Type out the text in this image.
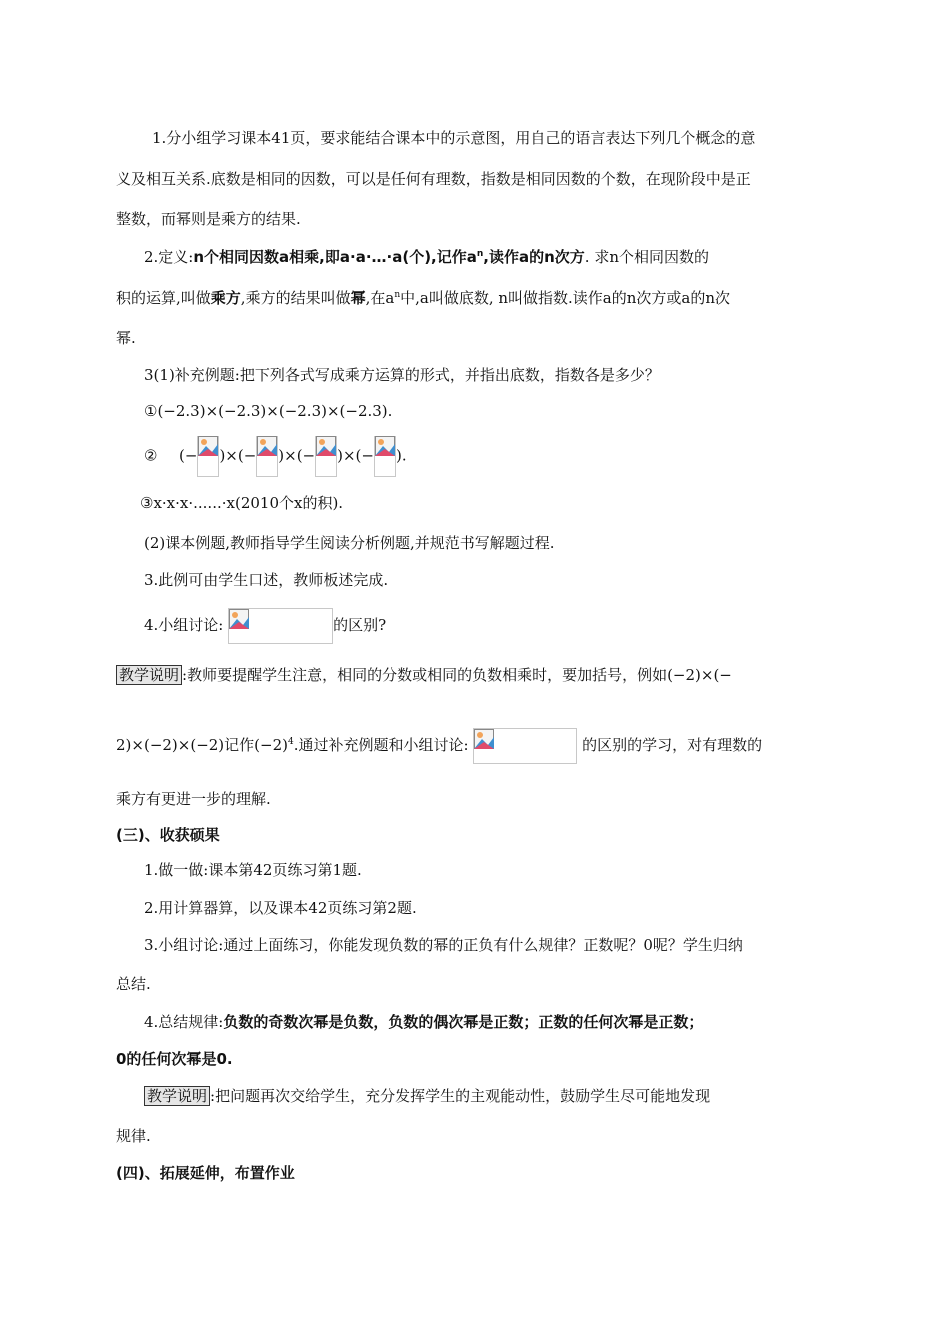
1.分小组学习课本41页，要求能结合课本中的示意图，用自己的语言表达下列几个概念的意
义及相互关系.底数是相同的因数，可以是任何有理数，指数是相同因数的个数，在现阶段中是正
整数，而幂则是乘方的结果.
2.定义:n个相同因数a相乘,即a·a·…·a(个),记作$a^n$,读作a的n次方. 求n个相同因数的
积的运算,叫做乘方,乘方的结果叫做幂,在$a^n$中,a叫做底数, n叫做指数.读作a的n次方或a的n次
幂.
3(1)补充例题:把下列各式写成乘方运算的形式，并指出底数，指数各是多少？
①(−2.3)×(−2.3)×(−2.3)×(−2.3).
② (− )×(− )×(− )×(− ).
③x·x·x·......·x(2010个x的积).
(2)课本例题,教师指导学生阅读分析例题,并规范书写解题过程.
3.此例可由学生口述，教师板述完成.
4.小组讨论:	的区别?
教学说明 :教师要提醒学生注意，相同的分数或相同的负数相乘时，要加括号，例如(−2)×(−
2)×(−2)×(−2)记作$(-2)^4$.通过补充例题和小组讨论:	的区别的学习，对有理数的
乘方有更进一步的理解.
(三)、收获硕果
1.做一做:课本第42页练习第1题.
2.用计算器算，以及课本42页练习第2题.
3.小组讨论:通过上面练习，你能发现负数的幂的正负有什么规律？正数呢？0呢？学生归纳
总结.
4.总结规律:负数的奇数次幂是负数，负数的偶次幂是正数；正数的任何次幂是正数；
0的任何次幂是0.
教学说明 :把问题再次交给学生，充分发挥学生的主观能动性，鼓励学生尽可能地发现
规律.
(四)、拓展延伸，布置作业
